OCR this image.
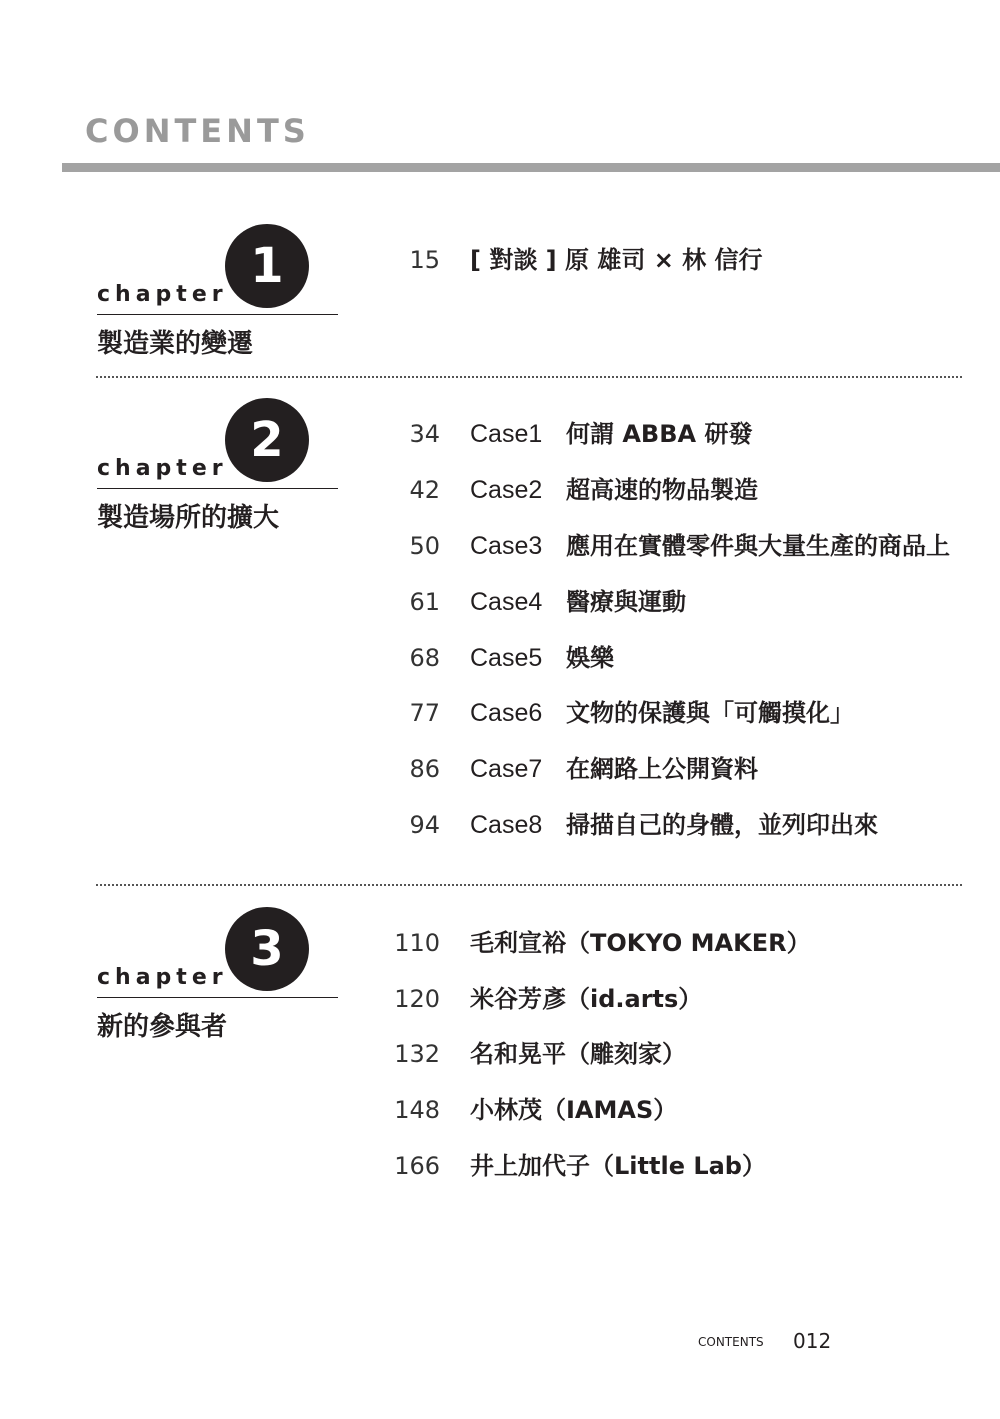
CONTENTS
chapter
1
製造業的變遷
15 [ 對談 ] 原 雄司 × 林 信行
chapter
2
製造場所的擴大
34 Case1 何謂 ABBA 研發
42 Case2 超高速的物品製造
50 Case3 應用在實體零件與大量生產的商品上
61 Case4 醫療與運動
68 Case5 娛樂
77 Case6 文物的保護與「可觸摸化」
86 Case7 在網路上公開資料
94 Case8 掃描自己的身體，並列印出來
chapter
3
新的參與者
110 毛利宣裕（TOKYO MAKER）
120 米谷芳彥（id.arts）
132 名和晃平（雕刻家）
148 小林茂（IAMAS）
166 井上加代子（Little Lab）
CONTENTS 012
